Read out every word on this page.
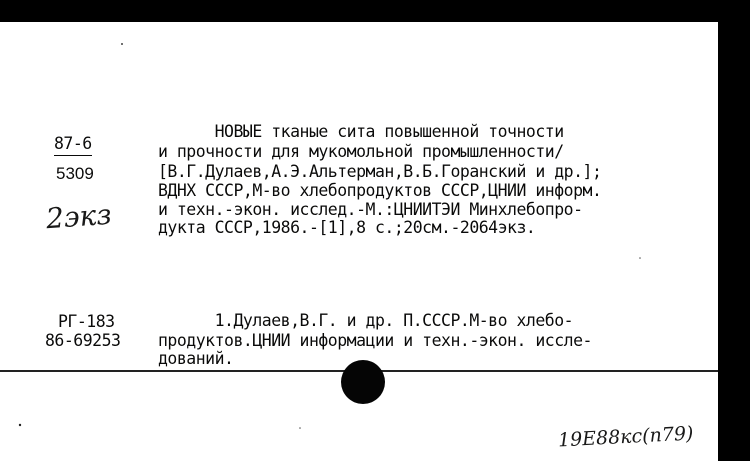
87-6
5309
2экз
НОВЫЕ тканые сита повышенной точности
и прочности для мукомольной промышленности/
[В.Г.Дулаев,А.Э.Альтерман,В.Б.Горанский и др.];
ВДНХ СССР,М-во хлебопродуктов СССР,ЦНИИ информ.
и техн.-экон. исслед.-М.:ЦНИИТЭИ Минхлебопро-
дукта СССР,1986.-[1],8 с.;20см.-2064экз.
РГ-183
86-69253
1.Дулаев,В.Г. и др. П.СССР.М-во хлебо-
продуктов.ЦНИИ информации и техн.-экон. иссле-
дований.
19Е88кс(п79)
